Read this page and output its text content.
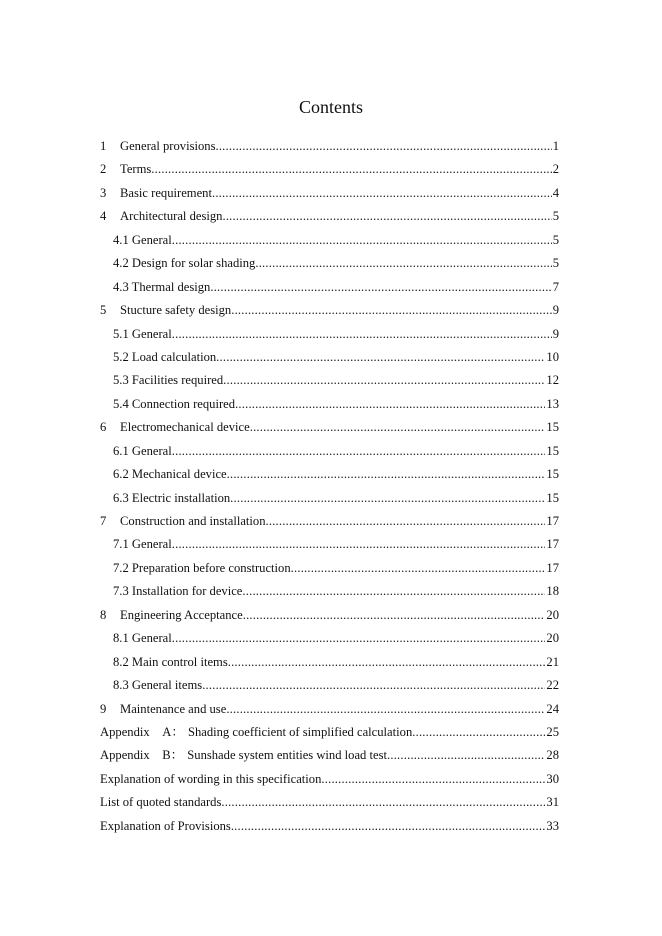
Contents
1	General provisions .....	1
2	Terms .....	2
3	Basic requirement .....	4
4	Architectural design .....	5
4.1 General .....	5
4.2 Design for solar shading .....	5
4.3 Thermal design .....	7
5	Stucture safety design .....	9
5.1 General .....	9
5.2 Load calculation .....	10
5.3 Facilities required .....	12
5.4 Connection required .....	13
6	Electromechanical device .....	15
6.1 General .....	15
6.2 Mechanical device .....	15
6.3 Electric installation .....	15
7	Construction and installation .....	17
7.1 General .....	17
7.2 Preparation before construction .....	17
7.3 Installation for device .....	18
8	Engineering Acceptance .....	20
8.1 General .....	20
8.2 Main control items .....	21
8.3 General items .....	22
9	Maintenance and use .....	24
Appendix　A： Shading coefficient of simplified calculation .....	25
Appendix　B： Sunshade system entities wind load test .....	28
Explanation of wording in this specification .....	30
List of quoted standards .....	31
Explanation of Provisions .....	33
